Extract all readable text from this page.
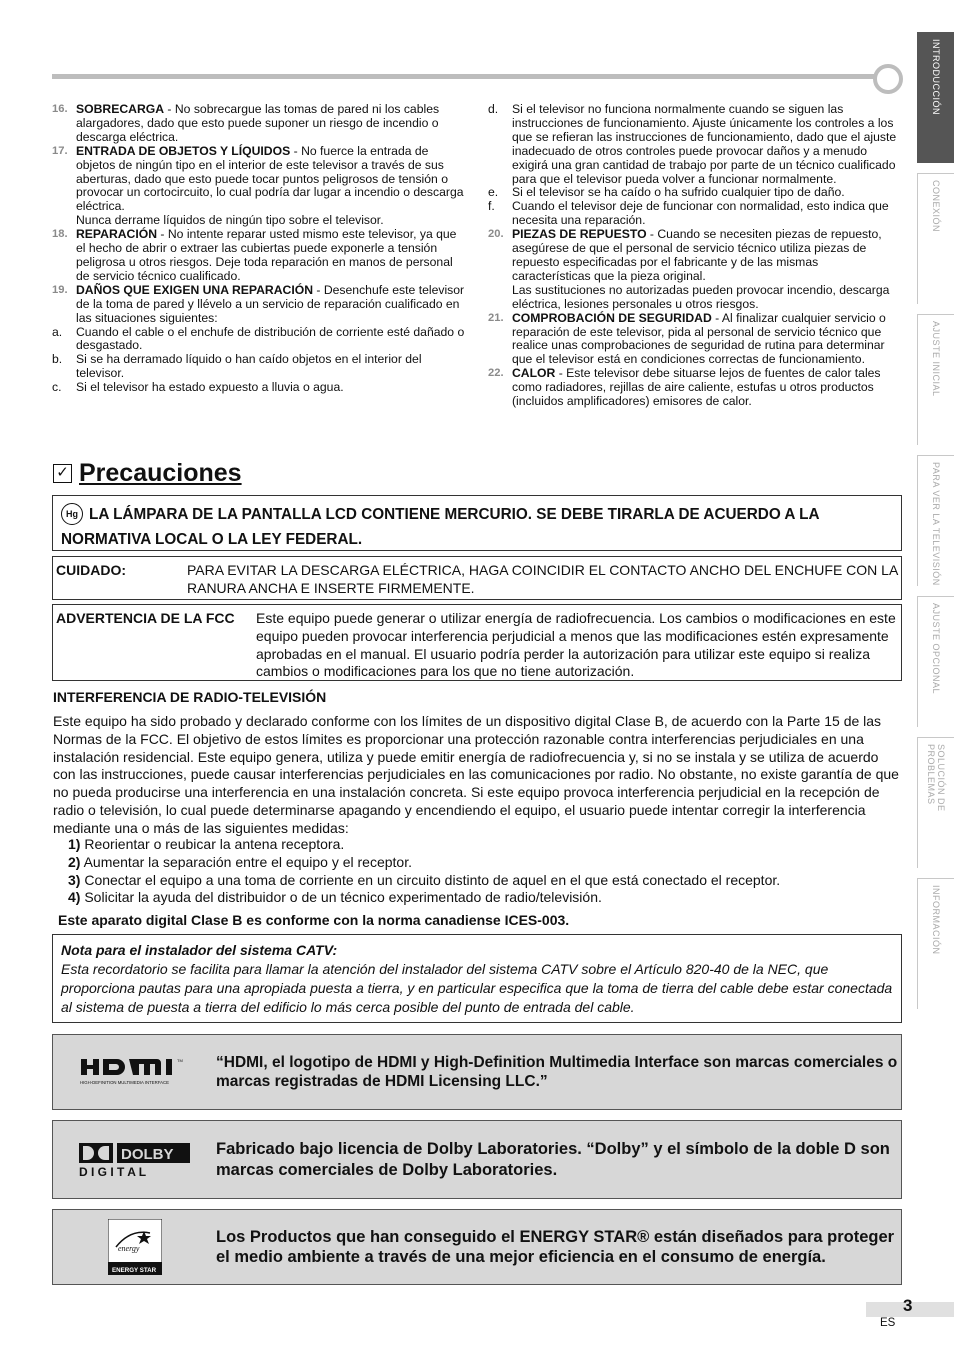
16. SOBRECARGA - No sobrecargue las tomas de pared ni los cables alargadores, dado que esto puede suponer un riesgo de incendio o descarga eléctrica.
17. ENTRADA DE OBJETOS Y LÍQUIDOS - No fuerce la entrada de objetos de ningún tipo en el interior de este televisor a través de sus aberturas, dado que esto puede tocar puntos peligrosos de tensión o provocar un cortocircuito, lo cual podría dar lugar a incendio o descarga eléctrica.
Nunca derrame líquidos de ningún tipo sobre el televisor.
18. REPARACIÓN - No intente reparar usted mismo este televisor, ya que el hecho de abrir o extraer las cubiertas puede exponerle a tensión peligrosa u otros riesgos. Deje toda reparación en manos de personal de servicio técnico cualificado.
19. DAÑOS QUE EXIGEN UNA REPARACIÓN - Desenchufe este televisor de la toma de pared y llévelo a un servicio de reparación cualificado en las situaciones siguientes:
a.	Cuando el cable o el enchufe de distribución de corriente esté dañado o desgastado.
b.	Si se ha derramado líquido o han caído objetos en el interior del televisor.
c.	Si el televisor ha estado expuesto a lluvia o agua.
d.	Si el televisor no funciona normalmente cuando se siguen las instrucciones de funcionamiento. Ajuste únicamente los controles a los que se refieran las instrucciones de funcionamiento, dado que el ajuste inadecuado de otros controles puede provocar daños y a menudo exigirá una gran cantidad de trabajo por parte de un técnico cualificado para que el televisor pueda volver a funcionar normalmente.
e.	Si el televisor se ha caído o ha sufrido cualquier tipo de daño.
f.	Cuando el televisor deje de funcionar con normalidad, esto indica que necesita una reparación.
20. PIEZAS DE REPUESTO - Cuando se necesiten piezas de repuesto, asegúrese de que el personal de servicio técnico utiliza piezas de repuesto especificadas por el fabricante y de las mismas características que la pieza original.
Las sustituciones no autorizadas pueden provocar incendio, descarga eléctrica, lesiones personales u otros riesgos.
21. COMPROBACIÓN DE SEGURIDAD - Al finalizar cualquier servicio o reparación de este televisor, pida al personal de servicio técnico que realice unas comprobaciones de seguridad de rutina para determinar que el televisor está en condiciones correctas de funcionamiento.
22. CALOR - Este televisor debe situarse lejos de fuentes de calor tales como radiadores, rejillas de aire caliente, estufas u otros productos (incluidos amplificadores) emisores de calor.
INTRODUCCIÓN
CONEXIÓN
AJUSTE INICIAL
PARA VER LA TELEVISIÓN
AJUSTE OPCIONAL
SOLUCIÓN DE PROBLEMAS
INFORMACIÓN
✓ Precauciones
Hg LA LÁMPARA DE LA PANTALLA LCD CONTIENE MERCURIO. SE DEBE TIRARLA DE ACUERDO A LA NORMATIVA LOCAL O LA LEY FEDERAL.
CUIDADO:	PARA EVITAR LA DESCARGA ELÉCTRICA, HAGA COINCIDIR EL CONTACTO ANCHO DEL ENCHUFE CON LA RANURA ANCHA E INSERTE FIRMEMENTE.
ADVERTENCIA DE LA FCC	Este equipo puede generar o utilizar energía de radiofrecuencia. Los cambios o modificaciones en este equipo pueden provocar interferencia perjudicial a menos que las modificaciones estén expresamente aprobadas en el manual. El usuario podría perder la autorización para utilizar este equipo si realiza cambios o modificaciones para los que no tiene autorización.
INTERFERENCIA DE RADIO-TELEVISIÓN
Este equipo ha sido probado y declarado conforme con los límites de un dispositivo digital Clase B, de acuerdo con la Parte 15 de las Normas de la FCC. El objetivo de estos límites es proporcionar una protección razonable contra interferencias perjudiciales en una instalación residencial. Este equipo genera, utiliza y puede emitir energía de radiofrecuencia y, si no se instala y se utiliza de acuerdo con las instrucciones, puede causar interferencias perjudiciales en las comunicaciones por radio. No obstante, no existe garantía de que no pueda producirse una interferencia en una instalación concreta. Si este equipo provoca interferencia perjudicial en la recepción de radio o televisión, lo cual puede determinarse apagando y encendiendo el equipo, el usuario puede intentar corregir la interferencia mediante una o más de las siguientes medidas:
1) Reorientar o reubicar la antena receptora.
2) Aumentar la separación entre el equipo y el receptor.
3) Conectar el equipo a una toma de corriente en un circuito distinto de aquel en el que está conectado el receptor.
4) Solicitar la ayuda del distribuidor o de un técnico experimentado de radio/televisión.
Este aparato digital Clase B es conforme con la norma canadiense ICES-003.
Nota para el instalador del sistema CATV:
Esta recordatorio se facilita para llamar la atención del instalador del sistema CATV sobre el Artículo 820-40 de la NEC, que proporciona pautas para una apropiada puesta a tierra, y en particular especifica que la toma de tierra del cable debe estar conectada al sistema de puesta a tierra del edificio lo más cerca posible del punto de entrada del cable.
HIGH-DEFINITION MULTIMEDIA INTERFACE
TM “HDMI, el logotipo de HDMI y High-Definition Multimedia Interface son marcas comerciales o marcas registradas de HDMI Licensing LLC.”
DOLBY
D I G I T A L
Fabricado bajo licencia de Dolby Laboratories. “Dolby” y el símbolo de la doble D son marcas comerciales de Dolby Laboratories.
energy
ENERGY STAR
Los Productos que han conseguido el ENERGY STAR® están diseñados para proteger el medio ambiente a través de una mejor eficiencia en el consumo de energía.
3
ES
